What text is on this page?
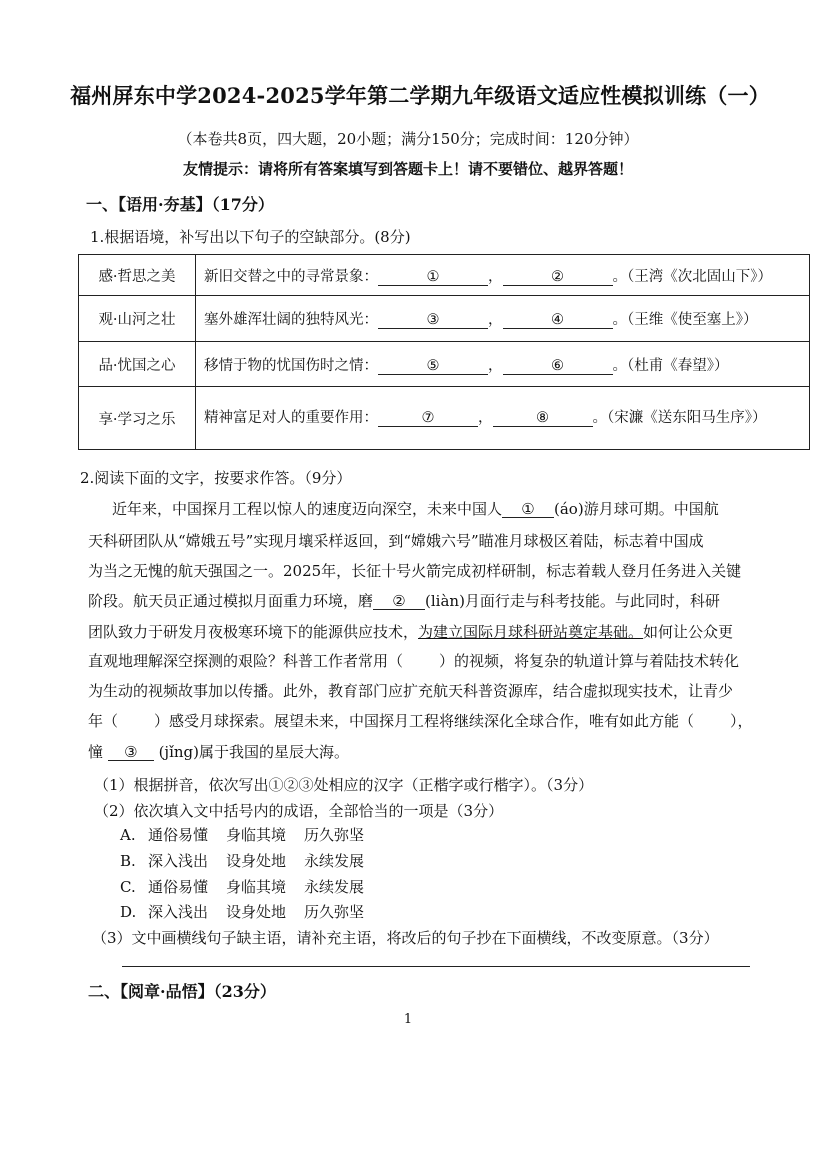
福州屏东中学2024-2025学年第二学期九年级语文适应性模拟训练（一）
（本卷共8页，四大题，20小题；满分150分；完成时间：120分钟）
友情提示：请将所有答案填写到答题卡上！请不要错位、越界答题！
一、【语用·夯基】（17分）
1.根据语境，补写出以下句子的空缺部分。(8分)
感·哲思之美	新旧交替之中的寻常景象： ① ， ② 。（王湾《次北固山下》）
观·山河之壮	塞外雄浑壮阔的独特风光： ③ ， ④ 。（王维《使至塞上》）
品·忧国之心	移情于物的忧国伤时之情： ⑤ ， ⑥ 。（杜甫《春望》）
享·学习之乐	精神富足对人的重要作用： ⑦ ， ⑧ 。（宋濂《送东阳马生序》）
2.阅读下面的文字，按要求作答。（9分）
近年来，中国探月工程以惊人的速度迈向深空，未来中国人 ① (áo)游月球可期。中国航
天科研团队从“嫦娥五号”实现月壤采样返回，到“嫦娥六号”瞄准月球极区着陆，标志着中国成
为当之无愧的航天强国之一。2025年，长征十号火箭完成初样研制，标志着载人登月任务进入关键
阶段。航天员正通过模拟月面重力环境，磨 ② (liàn)月面行走与科考技能。与此同时，科研
团队致力于研发月夜极寒环境下的能源供应技术，为建立国际月球科研站奠定基础。如何让公众更
直观地理解深空探测的艰险？科普工作者常用（ ）的视频，将复杂的轨道计算与着陆技术转化
为生动的视频故事加以传播。此外，教育部门应扩充航天科普资源库，结合虚拟现实技术，让青少
年（ ）感受月球探索。展望未来，中国探月工程将继续深化全球合作，唯有如此方能（ ），
憧 ③ (jǐng)属于我国的星辰大海。
（1）根据拼音，依次写出①②③处相应的汉字（正楷字或行楷字）。（3分）
（2）依次填入文中括号内的成语，全部恰当的一项是（3分）
A. 通俗易懂 身临其境 历久弥坚
B. 深入浅出 设身处地 永续发展
C. 通俗易懂 身临其境 永续发展
D. 深入浅出 设身处地 历久弥坚
（3）文中画横线句子缺主语，请补充主语，将改后的句子抄在下面横线，不改变原意。（3分）
二、【阅章·品悟】（23分）
1
